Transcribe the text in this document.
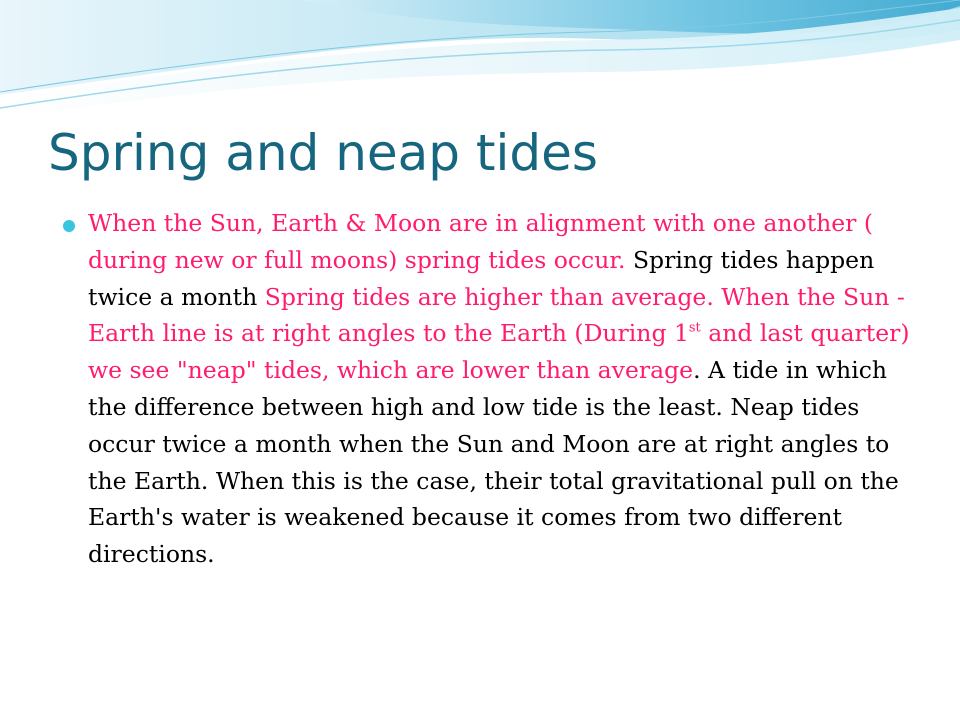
Spring and neap tides

When the Sun, Earth & Moon are in alignment with one another ( during new or full moons) spring tides occur. Spring tides happen twice a month Spring tides are higher than average. When the Sun - Earth line is at right angles to the Earth (During 1st and last quarter) we see "neap" tides, which are lower than average. A tide in which the difference between high and low tide is the least. Neap tides occur twice a month when the Sun and Moon are at right angles to the Earth. When this is the case, their total gravitational pull on the Earth's water is weakened because it comes from two different directions.
